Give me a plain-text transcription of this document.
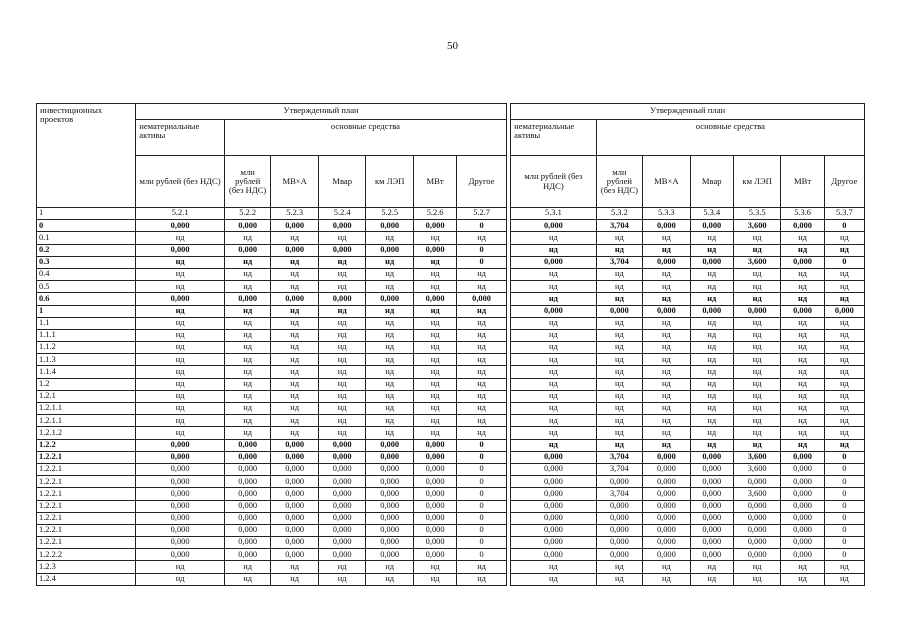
50
инвестиционных проектов	Утвержденный план								Утвержденный план						
	нематериальные активы	основные средства							нематериальные активы	основные средства					
	млн рублей (без НДС)	млн рублей (без НДС)	МВ×А	Мвар	км ЛЭП	МВт	Другое		млн рублей (без НДС)	млн рублей (без НДС)	МВ×А	Мвар	км ЛЭП	МВт	Другое
1	5.2.1	5.2.2	5.2.3	5.2.4	5.2.5	5.2.6	5.2.7		5.3.1	5.3.2	5.3.3	5.3.4	5.3.5	5.3.6	5.3.7
0	0,000	0,000	0,000	0,000	0,000	0,000	0		0,000	3,704	0,000	0,000	3,600	0,000	0
0.1	нд	нд	нд	нд	нд	нд	нд		нд	нд	нд	нд	нд	нд	нд
0.2	0,000	0,000	0,000	0,000	0,000	0,000	0		нд	нд	нд	нд	нд	нд	нд
0.3	нд	нд	нд	нд	нд	нд	0		0,000	3,704	0,000	0,000	3,600	0,000	0
0.4	нд	нд	нд	нд	нд	нд	нд		нд	нд	нд	нд	нд	нд	нд
0.5	нд	нд	нд	нд	нд	нд	нд		нд	нд	нд	нд	нд	нд	нд
0.6	0,000	0,000	0,000	0,000	0,000	0,000	0,000		нд	нд	нд	нд	нд	нд	нд
1	нд	нд	нд	нд	нд	нд	нд		0,000	0,000	0,000	0,000	0,000	0,000	0,000
1.1	нд	нд	нд	нд	нд	нд	нд		нд	нд	нд	нд	нд	нд	нд
1.1.1	нд	нд	нд	нд	нд	нд	нд		нд	нд	нд	нд	нд	нд	нд
1.1.2	нд	нд	нд	нд	нд	нд	нд		нд	нд	нд	нд	нд	нд	нд
1.1.3	нд	нд	нд	нд	нд	нд	нд		нд	нд	нд	нд	нд	нд	нд
1.1.4	нд	нд	нд	нд	нд	нд	нд		нд	нд	нд	нд	нд	нд	нд
1.2	нд	нд	нд	нд	нд	нд	нд		нд	нд	нд	нд	нд	нд	нд
1.2.1	нд	нд	нд	нд	нд	нд	нд		нд	нд	нд	нд	нд	нд	нд
1.2.1.1	нд	нд	нд	нд	нд	нд	нд		нд	нд	нд	нд	нд	нд	нд
1.2.1.1	нд	нд	нд	нд	нд	нд	нд		нд	нд	нд	нд	нд	нд	нд
1.2.1.2	нд	нд	нд	нд	нд	нд	нд		нд	нд	нд	нд	нд	нд	нд
1.2.2	0,000	0,000	0,000	0,000	0,000	0,000	0		нд	нд	нд	нд	нд	нд	нд
1.2.2.1	0,000	0,000	0,000	0,000	0,000	0,000	0		0,000	3,704	0,000	0,000	3,600	0,000	0
1.2.2.1	0,000	0,000	0,000	0,000	0,000	0,000	0		0,000	3,704	0,000	0,000	3,600	0,000	0
1.2.2.1	0,000	0,000	0,000	0,000	0,000	0,000	0		0,000	0,000	0,000	0,000	0,000	0,000	0
1.2.2.1	0,000	0,000	0,000	0,000	0,000	0,000	0		0,000	3,704	0,000	0,000	3,600	0,000	0
1.2.2.1	0,000	0,000	0,000	0,000	0,000	0,000	0		0,000	0,000	0,000	0,000	0,000	0,000	0
1.2.2.1	0,000	0,000	0,000	0,000	0,000	0,000	0		0,000	0,000	0,000	0,000	0,000	0,000	0
1.2.2.1	0,000	0,000	0,000	0,000	0,000	0,000	0		0,000	0,000	0,000	0,000	0,000	0,000	0
1.2.2.1	0,000	0,000	0,000	0,000	0,000	0,000	0		0,000	0,000	0,000	0,000	0,000	0,000	0
1.2.2.2	0,000	0,000	0,000	0,000	0,000	0,000	0		0,000	0,000	0,000	0,000	0,000	0,000	0
1.2.3	нд	нд	нд	нд	нд	нд	нд		нд	нд	нд	нд	нд	нд	нд
1.2.4	нд	нд	нд	нд	нд	нд	нд		нд	нд	нд	нд	нд	нд	нд
